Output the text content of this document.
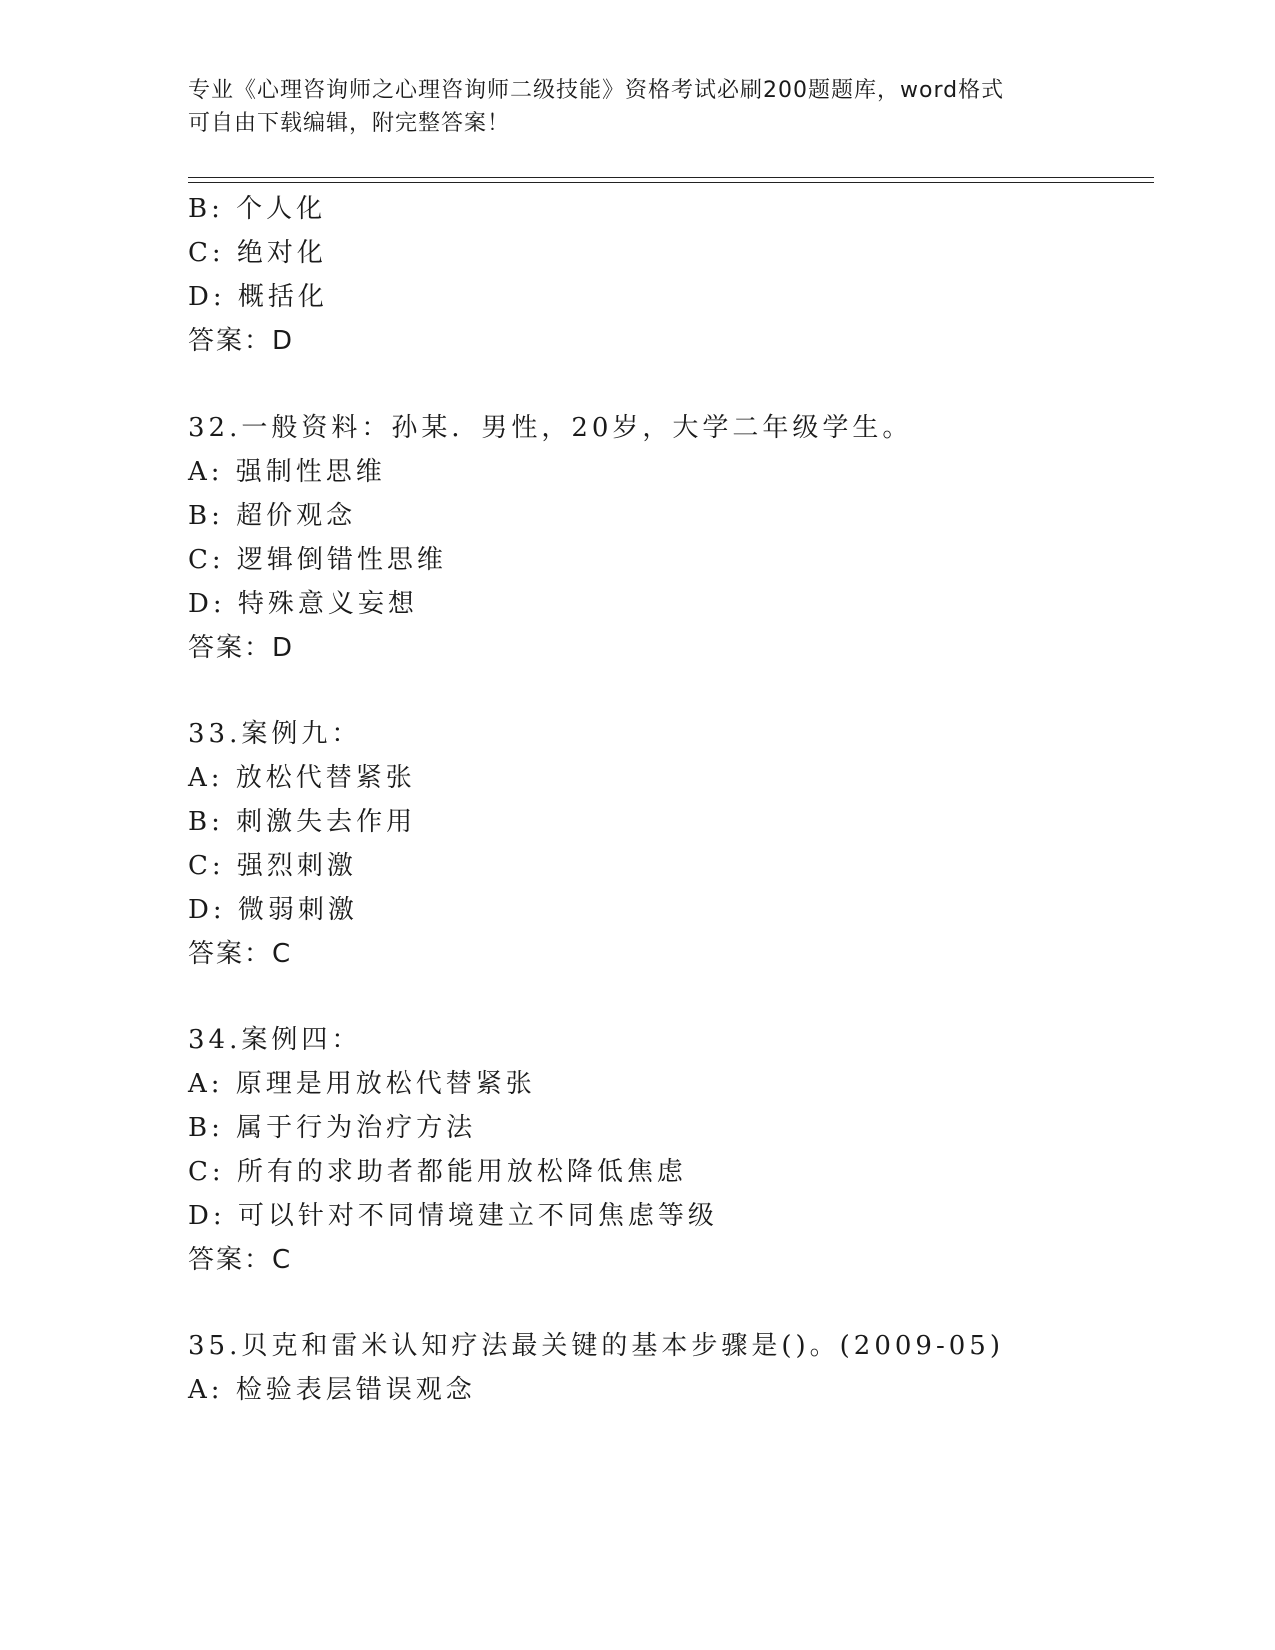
专业《心理咨询师之心理咨询师二级技能》资格考试必刷200题题库，word格式
可自由下载编辑，附完整答案！
B: 个人化
C: 绝对化
D: 概括化
答案：D
32.一般资料：孙某．男性，20岁，大学二年级学生。
A: 强制性思维
B: 超价观念
C: 逻辑倒错性思维
D: 特殊意义妄想
答案：D
33.案例九：
A: 放松代替紧张
B: 刺激失去作用
C: 强烈刺激
D: 微弱刺激
答案：C
34.案例四：
A: 原理是用放松代替紧张
B: 属于行为治疗方法
C: 所有的求助者都能用放松降低焦虑
D: 可以针对不同情境建立不同焦虑等级
答案：C
35.贝克和雷米认知疗法最关键的基本步骤是()。(2009-05)
A: 检验表层错误观念
